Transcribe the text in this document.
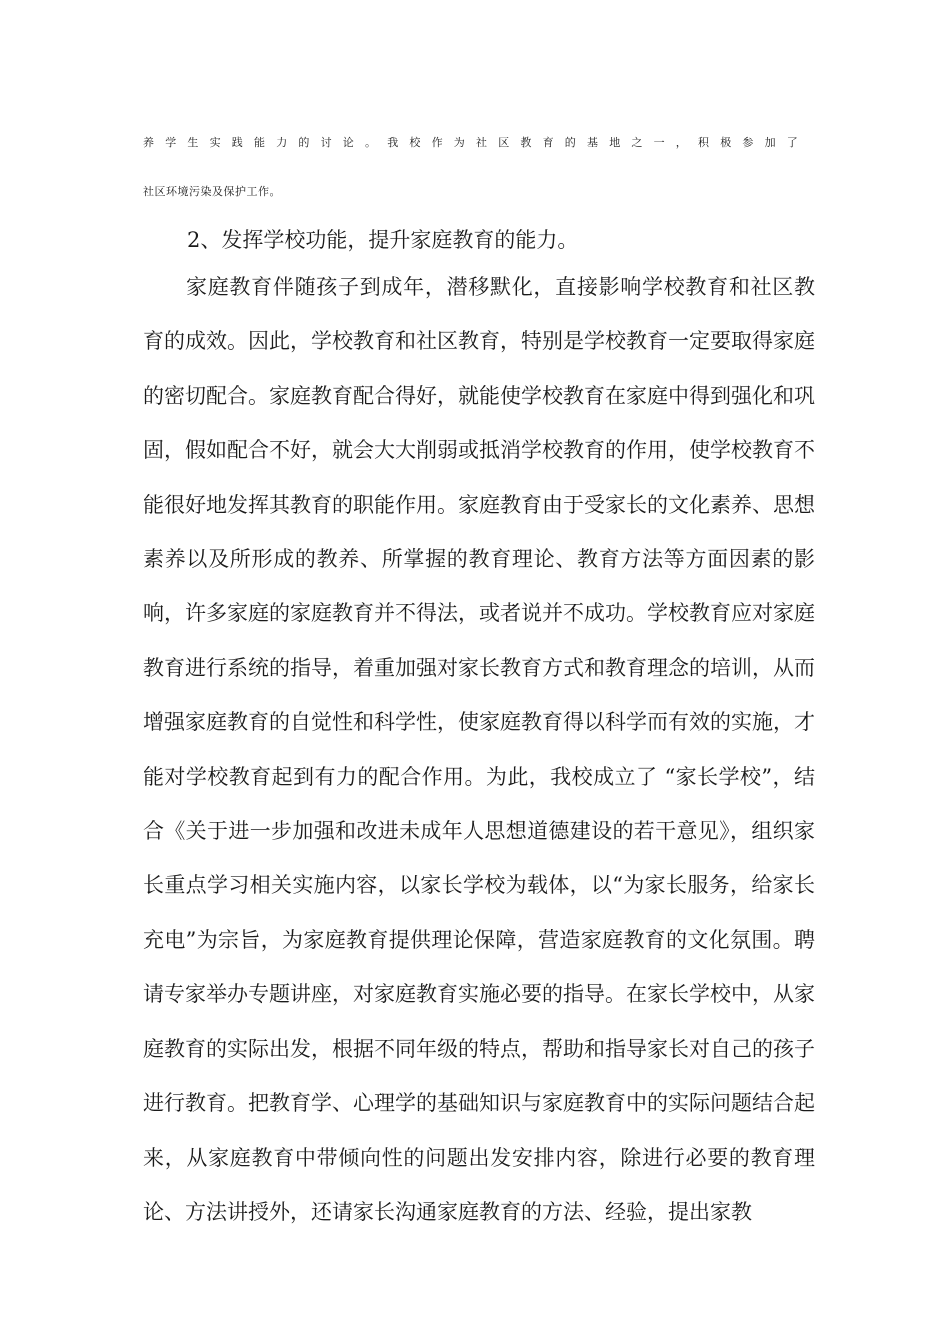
养学生实践能力的讨论。我校作为社区教育的基地之一，积极参加了
社区环境污染及保护工作。
2、发挥学校功能，提升家庭教育的能力。

家庭教育伴随孩子到成年，潜移默化，直接影响学校教育和社区教育的成效。因此，学校教育和社区教育，特别是学校教育一定要取得家庭的密切配合。家庭教育配合得好，就能使学校教育在家庭中得到强化和巩固，假如配合不好，就会大大削弱或抵消学校教育的作用，使学校教育不能很好地发挥其教育的职能作用。家庭教育由于受家长的文化素养、思想素养以及所形成的教养、所掌握的教育理论、教育方法等方面因素的影响，许多家庭的家庭教育并不得法，或者说并不成功。学校教育应对家庭教育进行系统的指导，着重加强对家长教育方式和教育理念的培训，从而增强家庭教育的自觉性和科学性，使家庭教育得以科学而有效的实施，才能对学校教育起到有力的配合作用。为此，我校成立了 “家长学校”，结合《关于进一步加强和改进未成年人思想道德建设的若干意见》，组织家长重点学习相关实施内容，以家长学校为载体，以“为家长服务，给家长充电”为宗旨，为家庭教育提供理论保障，营造家庭教育的文化氛围。聘请专家举办专题讲座，对家庭教育实施必要的指导。在家长学校中，从家庭教育的实际出发，根据不同年级的特点，帮助和指导家长对自己的孩子进行教育。把教育学、心理学的基础知识与家庭教育中的实际问题结合起来，从家庭教育中带倾向性的问题出发安排内容，除进行必要的教育理论、方法讲授外，还请家长沟通家庭教育的方法、经验，提出家教
